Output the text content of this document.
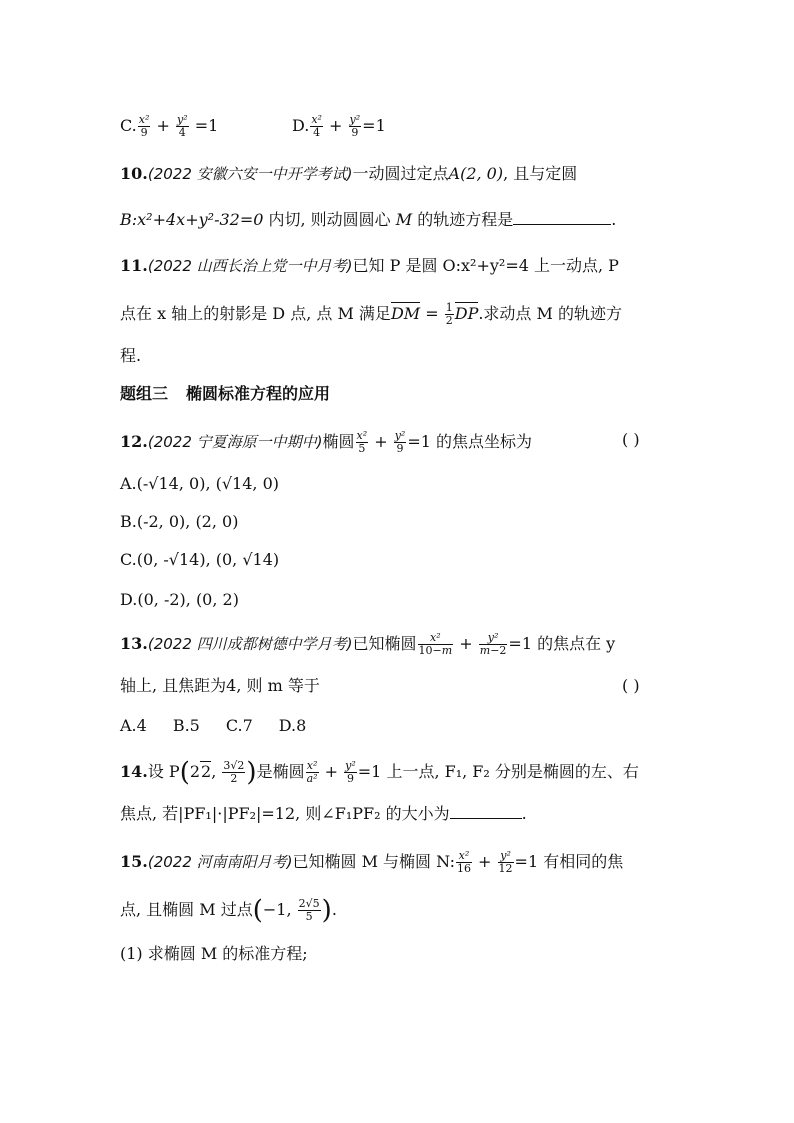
C. $\frac{\text{x²}}{9} + \frac{\text{y²}}{4} =1$	D. $\frac{\text{x²}}{4} + \frac{\text{y²}}{9} =1$
10.(2022 安徽六安一中开学考试)一动圆过定点A(2, 0), 且与定圆
B:x²+4x+y²-32=0 内切, 则动圆圆心 M 的轨迹方程是	.
11.(2022 山西长治上党一中月考)已知 P 是圆 O:x²+y²=4 上一动点, P
点在 x 轴上的射影是 D 点, 点 M 满足DM = $\frac{1}{2}$ DP.求动点 M 的轨迹方
程.
题组三 椭圆标准方程的应用
12.(2022 宁夏海原一中期中)椭圆 $\frac{\text{x²}}{5} + \frac{\text{y²}}{9} =1$ 的焦点坐标为	( )
A.(-√14, 0), (√14, 0)
B.(-2, 0), (2, 0)
C.(0, -√14), (0, √14)
D.(0, -2), (0, 2)
13.(2022 四川成都树德中学月考)已知椭圆 $\frac{\text{x²}}{10-m} + \frac{\text{y²}}{m-2} =1$ 的焦点在 y
轴上, 且焦距为4, 则 m 等于	( )
A.4 B.5 C.7 D.8
14.设 P(22, $\frac{3√2}{2}$ )是椭圆 $\frac{\text{x²}}{\text{a²}} + \frac{\text{y²}}{9} =1$ 上一点, F₁, F₂ 分别是椭圆的左、右
焦点, 若|PF₁|·|PF₂|=12, 则∠F₁PF₂ 的大小为	.
15.(2022 河南南阳月考)已知椭圆 M 与椭圆 N: $\frac{\text{x²}}{16} + \frac{\text{y²}}{12} =1$ 有相同的焦
点, 且椭圆 M 过点(−1, $\frac{2√5}{5}$ ).
(1) 求椭圆 M 的标准方程;
